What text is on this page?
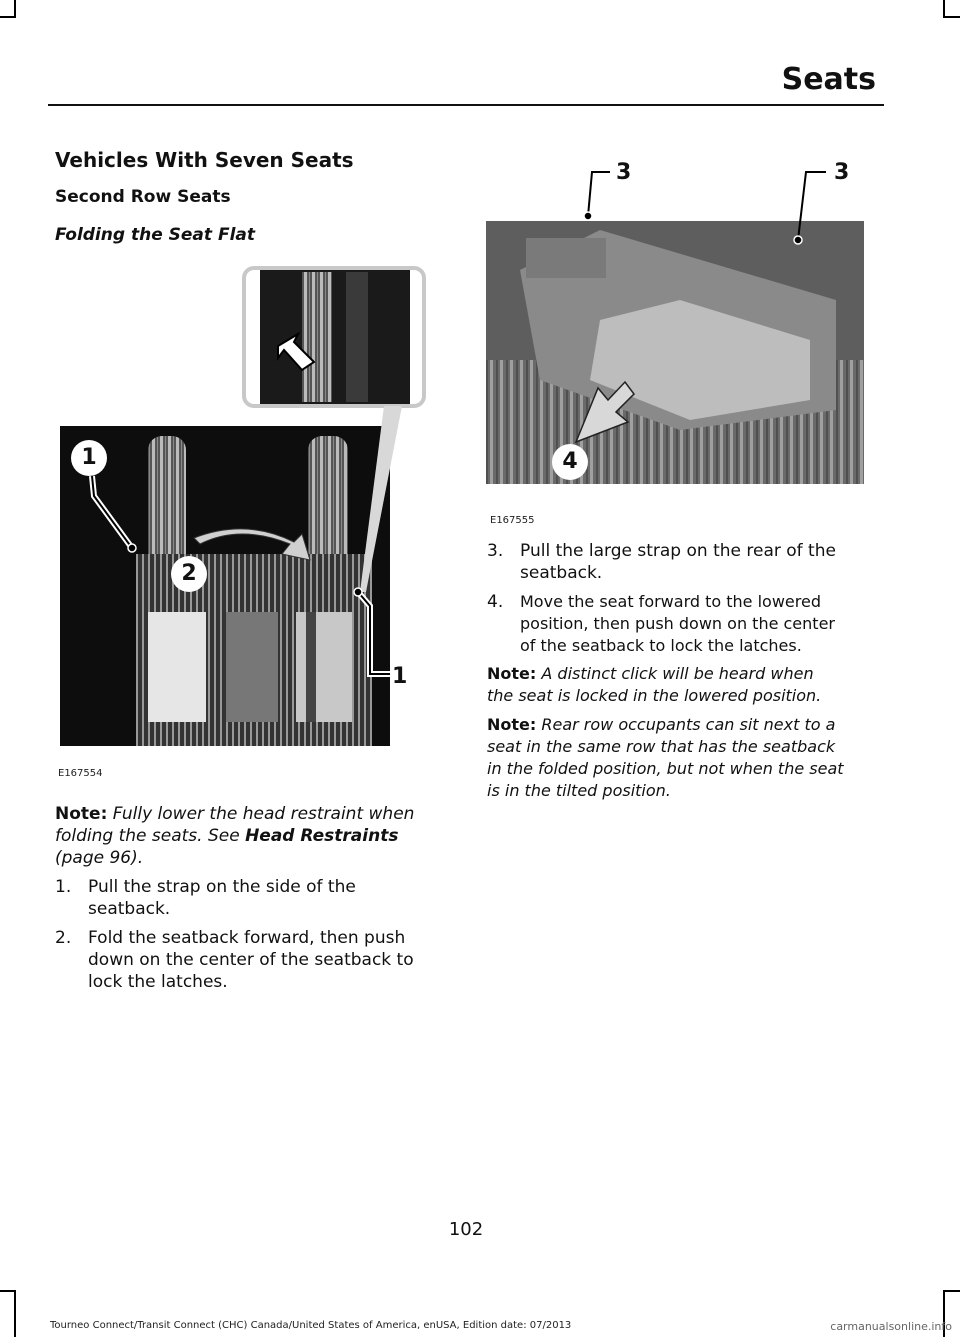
Seats
Vehicles With Seven Seats
Second Row Seats
Folding the Seat Flat
1
2
1
E167554
Note: Fully lower the head restraint when folding the seats. See Head Restraints (page 96).
1. Pull the strap on the side of the
seatback.
2. Fold the seatback forward, then push
down on the center of the seatback to
lock the latches.
3	3
4
E167555
3. Pull the large strap on the rear of the
seatback.
4. Move the seat forward to the lowered
position, then push down on the center
of the seatback to lock the latches.
Note: A distinct click will be heard when
the seat is locked in the lowered position.
Note: Rear row occupants can sit next to a
seat in the same row that has the seatback
in the folded position, but not when the seat
is in the tilted position.
102
Tourneo Connect/Transit Connect (CHC) Canada/United States of America, enUSA, Edition date: 07/2013	carmanualsonline.info
